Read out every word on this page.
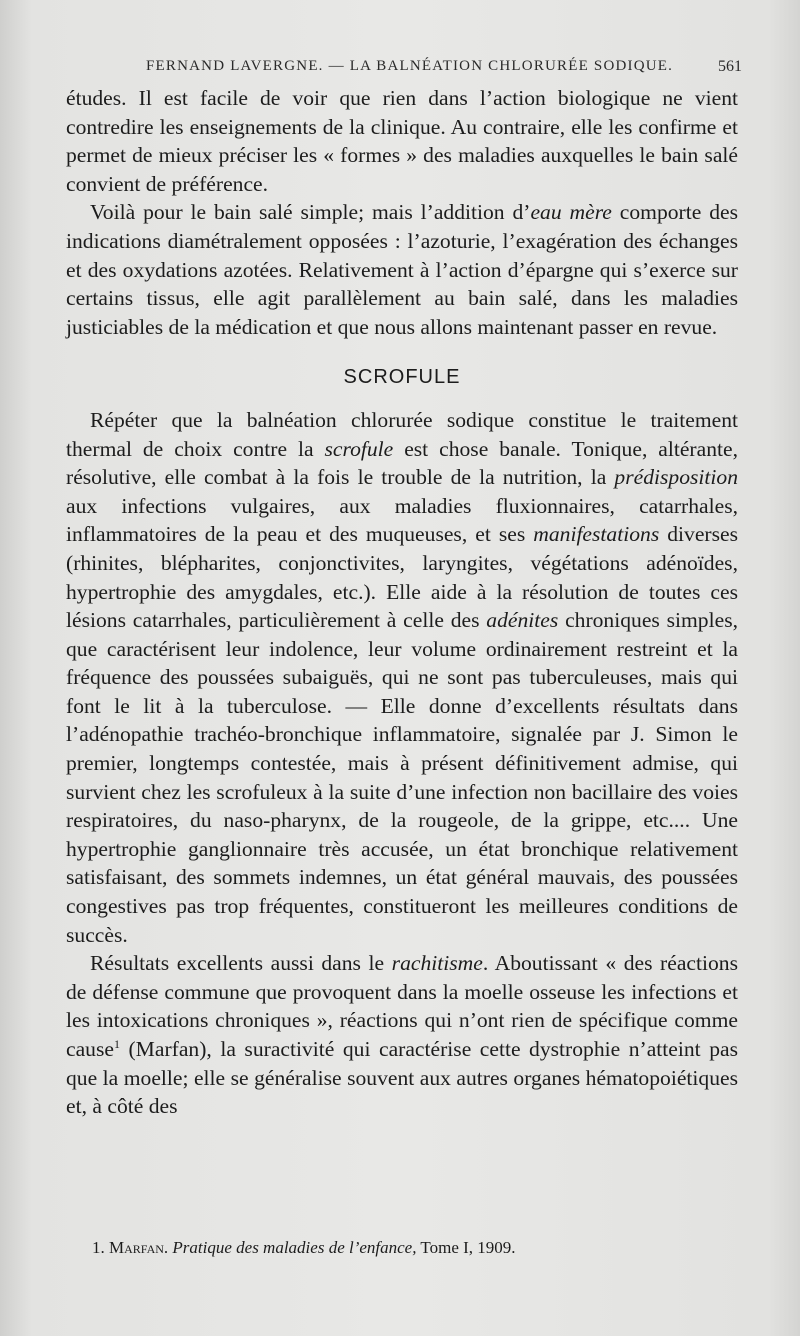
FERNAND LAVERGNE. — LA BALNÉATION CHLORURÉE SODIQUE.	561

études. Il est facile de voir que rien dans l’action biologique ne vient contredire les enseignements de la clinique. Au contraire, elle les confirme et permet de mieux préciser les « formes » des maladies auxquelles le bain salé convient de préférence.

Voilà pour le bain salé simple; mais l’addition d’eau mère comporte des indications diamétralement opposées : l’azoturie, l’exagération des échanges et des oxydations azotées. Relativement à l’action d’épargne qui s’exerce sur certains tissus, elle agit parallèlement au bain salé, dans les maladies justiciables de la médication et que nous allons maintenant passer en revue.

SCROFULE

Répéter que la balnéation chlorurée sodique constitue le traitement thermal de choix contre la scrofule est chose banale. Tonique, altérante, résolutive, elle combat à la fois le trouble de la nutrition, la prédisposition aux infections vulgaires, aux maladies fluxionnaires, catarrhales, inflammatoires de la peau et des muqueuses, et ses manifestations diverses (rhinites, blépharites, conjonctivites, laryngites, végétations adénoïdes, hypertrophie des amygdales, etc.). Elle aide à la résolution de toutes ces lésions catarrhales, particulièrement à celle des adénites chroniques simples, que caractérisent leur indolence, leur volume ordinairement restreint et la fréquence des poussées subaiguës, qui ne sont pas tuberculeuses, mais qui font le lit à la tuberculose. — Elle donne d’excellents résultats dans l’adénopathie trachéo-bronchique inflammatoire, signalée par J. Simon le premier, longtemps contestée, mais à présent définitivement admise, qui survient chez les scrofuleux à la suite d’une infection non bacillaire des voies respiratoires, du naso-pharynx, de la rougeole, de la grippe, etc.... Une hypertrophie ganglionnaire très accusée, un état bronchique relativement satisfaisant, des sommets indemnes, un état général mauvais, des poussées congestives pas trop fréquentes, constitueront les meilleures conditions de succès.

Résultats excellents aussi dans le rachitisme. Aboutissant « des réactions de défense commune que provoquent dans la moelle osseuse les infections et les intoxications chroniques », réactions qui n’ont rien de spécifique comme cause$^1$ (Marfan), la suractivité qui caractérise cette dystrophie n’atteint pas que la moelle; elle se généralise souvent aux autres organes hématopoiétiques et, à côté des

1. Marfan. Pratique des maladies de l’enfance, Tome I, 1909.
